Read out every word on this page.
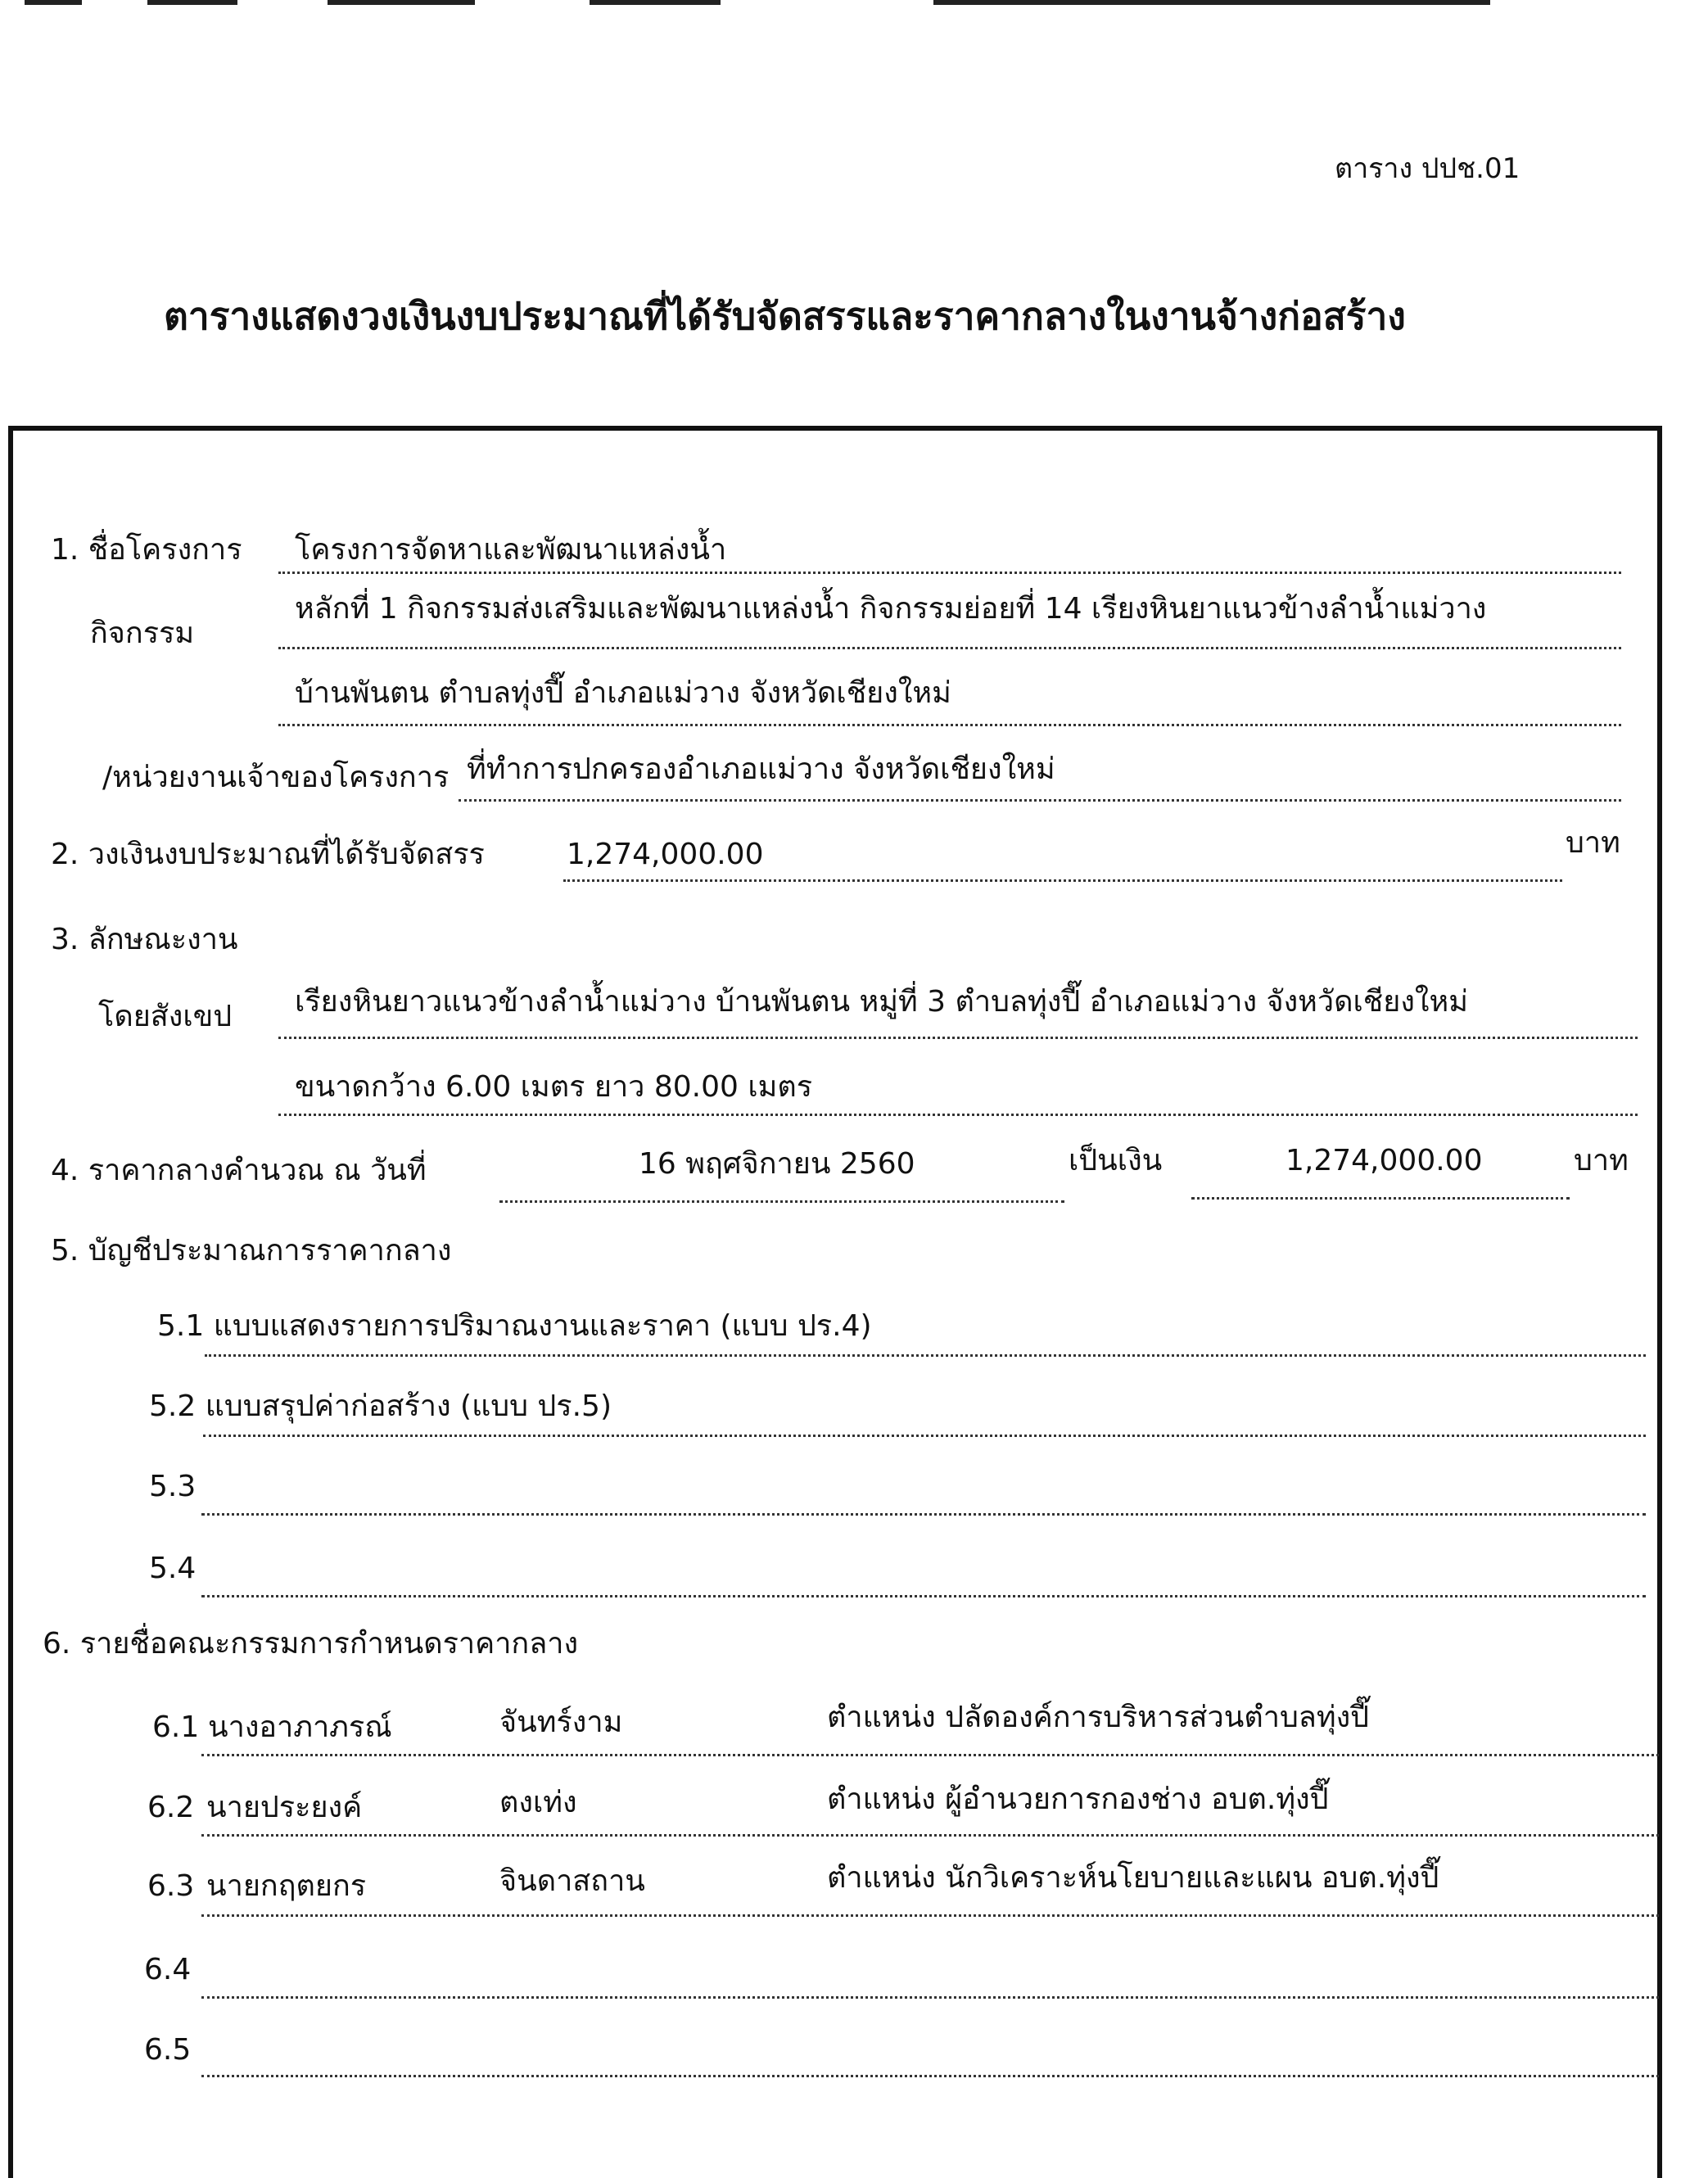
ตาราง ปปช.01
ตารางแสดงวงเงินงบประมาณที่ได้รับจัดสรรและราคากลางในงานจ้างก่อสร้าง
1. ชื่อโครงการ โครงการจัดหาและพัฒนาแหล่งน้ำ
กิจกรรม
หลักที่ 1 กิจกรรมส่งเสริมและพัฒนาแหล่งน้ำ กิจกรรมย่อยที่ 14 เรียงหินยาแนวข้างลำน้ำแม่วาง
บ้านพันตน ตำบลทุ่งปี๊ อำเภอแม่วาง จังหวัดเชียงใหม่
/หน่วยงานเจ้าของโครงการ ที่ทำการปกครองอำเภอแม่วาง จังหวัดเชียงใหม่
2. วงเงินงบประมาณที่ได้รับจัดสรร	1,274,000.00	บาท
3. ลักษณะงาน
โดยสังเขป เรียงหินยาวแนวข้างลำน้ำแม่วาง บ้านพันตน หมู่ที่ 3 ตำบลทุ่งปี๊ อำเภอแม่วาง จังหวัดเชียงใหม่
ขนาดกว้าง 6.00 เมตร ยาว 80.00 เมตร
4. ราคากลางคำนวณ ณ วันที่	16 พฤศจิกายน 2560	เป็นเงิน	1,274,000.00	บาท
5. บัญชีประมาณการราคากลาง
5.1 แบบแสดงรายการปริมาณงานและราคา (แบบ ปร.4)
5.2 แบบสรุปค่าก่อสร้าง (แบบ ปร.5)
5.3
5.4
6. รายชื่อคณะกรรมการกำหนดราคากลาง
6.1 นางอาภาภรณ์	จันทร์งาม	ตำแหน่ง ปลัดองค์การบริหารส่วนตำบลทุ่งปี๊
6.2 นายประยงค์	ตงเท่ง	ตำแหน่ง ผู้อำนวยการกองช่าง อบต.ทุ่งปี๊
6.3 นายกฤตยกร	จินดาสถาน	ตำแหน่ง นักวิเคราะห์นโยบายและแผน อบต.ทุ่งปี๊
6.4
6.5
